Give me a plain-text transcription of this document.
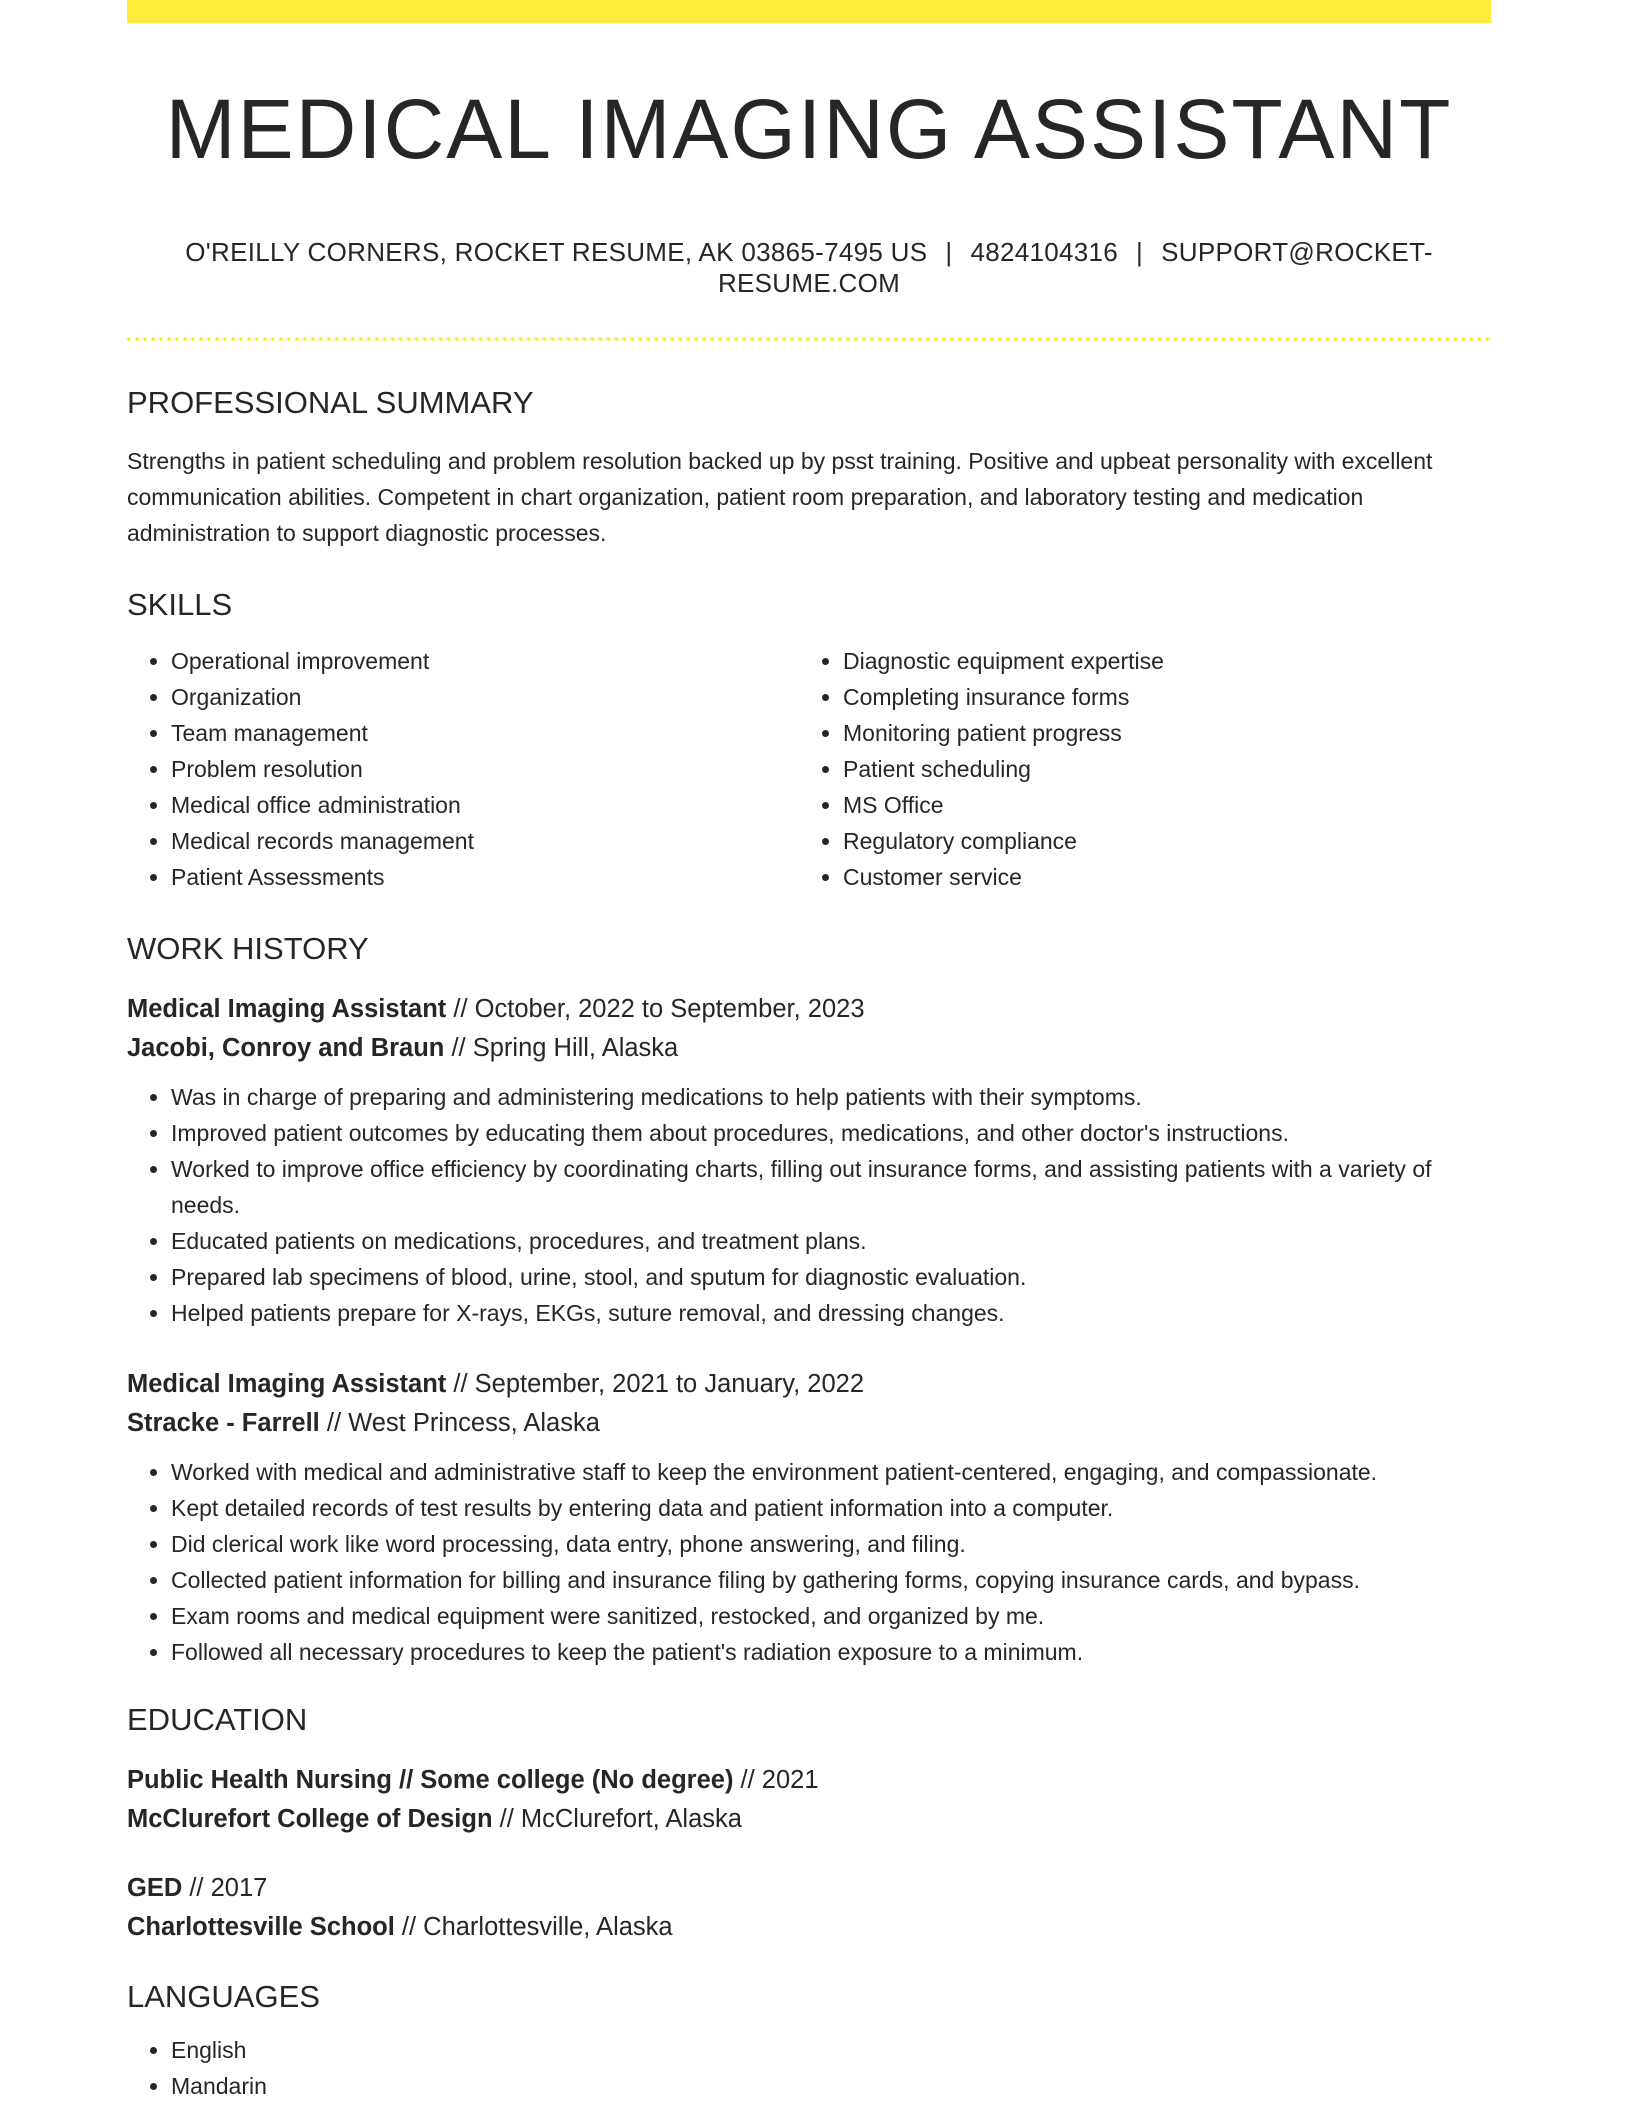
MEDICAL IMAGING ASSISTANT
O'REILLY CORNERS, ROCKET RESUME, AK 03865-7495 US | 4824104316 | SUPPORT@ROCKET-RESUME.COM
PROFESSIONAL SUMMARY

Strengths in patient scheduling and problem resolution backed up by psst training. Positive and upbeat personality with excellent communication abilities. Competent in chart organization, patient room preparation, and laboratory testing and medication administration to support diagnostic processes.

SKILLS
• Operational improvement
• Organization
• Team management
• Problem resolution
• Medical office administration
• Medical records management
• Patient Assessments
• Diagnostic equipment expertise
• Completing insurance forms
• Monitoring patient progress
• Patient scheduling
• MS Office
• Regulatory compliance
• Customer service
WORK HISTORY
Medical Imaging Assistant // October, 2022 to September, 2023
Jacobi, Conroy and Braun // Spring Hill, Alaska
• Was in charge of preparing and administering medications to help patients with their symptoms.
• Improved patient outcomes by educating them about procedures, medications, and other doctor's instructions.
• Worked to improve office efficiency by coordinating charts, filling out insurance forms, and assisting patients with a variety of needs.
• Educated patients on medications, procedures, and treatment plans.
• Prepared lab specimens of blood, urine, stool, and sputum for diagnostic evaluation.
• Helped patients prepare for X-rays, EKGs, suture removal, and dressing changes.
Medical Imaging Assistant // September, 2021 to January, 2022
Stracke - Farrell // West Princess, Alaska
• Worked with medical and administrative staff to keep the environment patient-centered, engaging, and compassionate.
• Kept detailed records of test results by entering data and patient information into a computer.
• Did clerical work like word processing, data entry, phone answering, and filing.
• Collected patient information for billing and insurance filing by gathering forms, copying insurance cards, and bypass.
• Exam rooms and medical equipment were sanitized, restocked, and organized by me.
• Followed all necessary procedures to keep the patient's radiation exposure to a minimum.
EDUCATION
Public Health Nursing // Some college (No degree) // 2021
McClurefort College of Design // McClurefort, Alaska
GED // 2017
Charlottesville School // Charlottesville, Alaska
LANGUAGES
• English
• Mandarin
